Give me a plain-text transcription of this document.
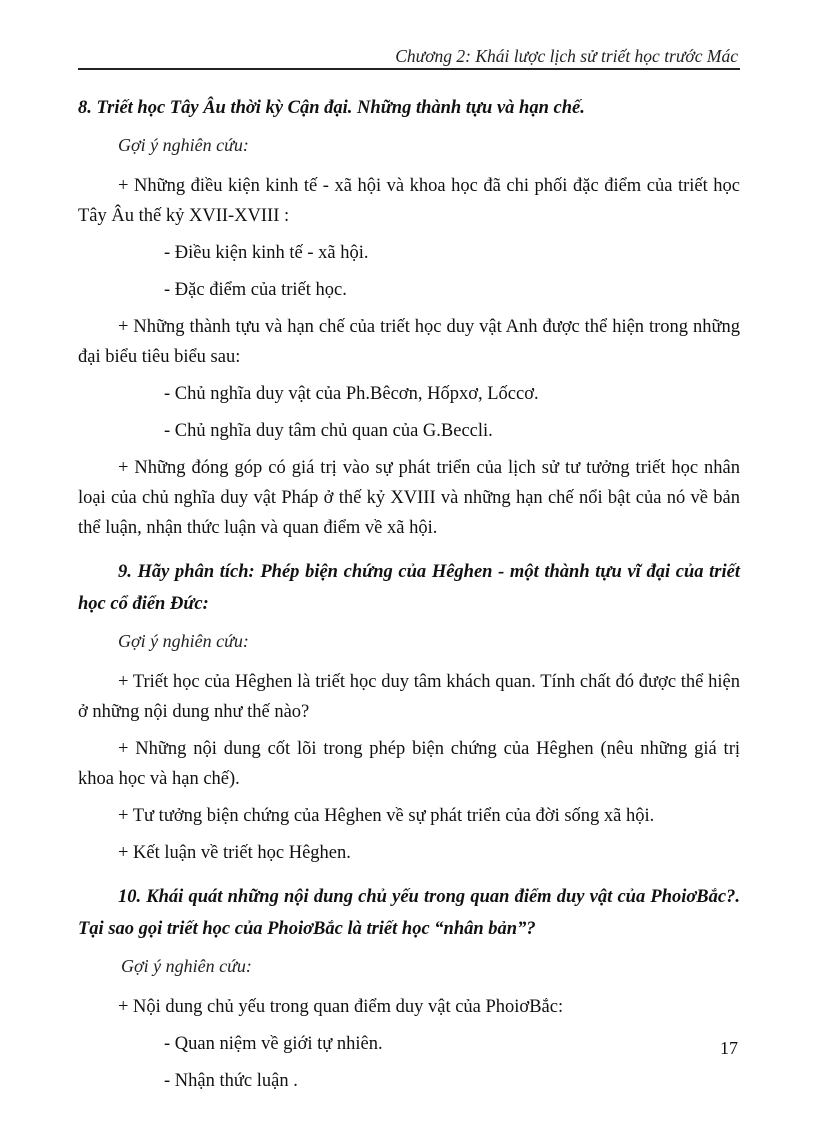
Chương 2: Khái lược lịch sử triết học trước Mác

8. Triết học Tây Âu thời kỳ Cận đại. Những thành tựu và hạn chế.

Gợi ý nghiên cứu:

+ Những điều kiện kinh tế - xã hội và khoa học đã chi phối đặc điểm của triết học Tây Âu thế kỷ XVII-XVIII :

- Điều kiện kinh tế - xã hội.
- Đặc điểm của triết học.

+ Những thành tựu và hạn chế của triết học duy vật Anh được thể hiện trong những đại biểu tiêu biểu sau:

- Chủ nghĩa duy vật của Ph.Bêcơn, Hốpxơ, Lốccơ.
- Chủ nghĩa duy tâm chủ quan của G.Beccli.

+ Những đóng góp có giá trị vào sự phát triển của lịch sử tư tưởng triết học nhân loại của chủ nghĩa duy vật Pháp ở thế kỷ XVIII và những hạn chế nổi bật của nó về bản thể luận, nhận thức luận và quan điểm về xã hội.

9. Hãy phân tích: Phép biện chứng của Hêghen - một thành tựu vĩ đại của triết học cổ điển Đức:

Gợi ý nghiên cứu:

+ Triết học của Hêghen là triết học duy tâm khách quan. Tính chất đó được thể hiện ở những nội dung như thế nào?

+ Những nội dung cốt lõi trong phép biện chứng của Hêghen (nêu những giá trị khoa học và hạn chế).

+ Tư tưởng biện chứng của Hêghen về sự phát triển của đời sống xã hội.

+ Kết luận về triết học Hêghen.

10. Khái quát những nội dung chủ yếu trong quan điểm duy vật của PhoiơBắc?. Tại sao gọi triết học của PhoiơBắc là triết học “nhân bản”?

Gợi ý nghiên cứu:

+ Nội dung chủ yếu trong quan điểm duy vật của PhoiơBắc:

- Quan niệm về giới tự nhiên.
- Nhận thức luận .
17
